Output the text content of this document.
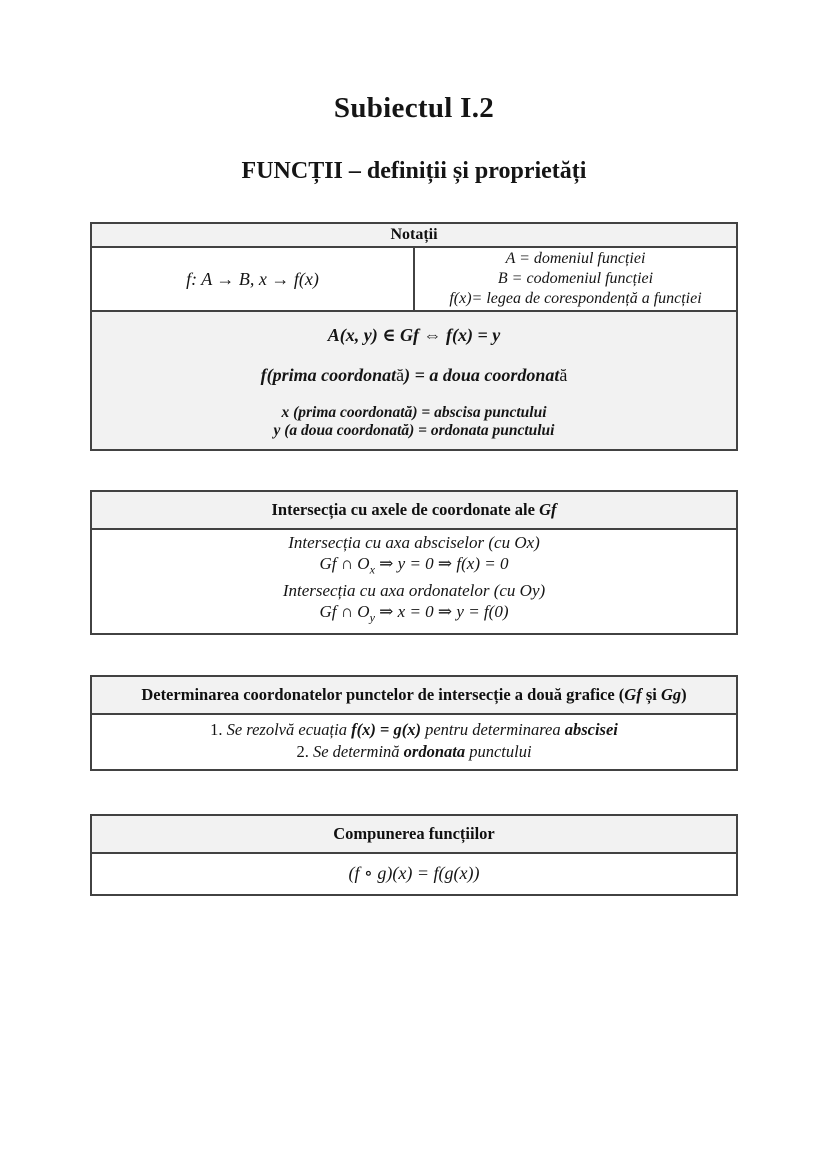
Subiectul I.2
FUNCȚII – definiții și proprietăți
Notații
f: A → B, x → f(x)	
A = domeniul funcției
B = codomeniul funcției
f(x)= legea de corespondență a funcției

A(x, y) ∈ Gf ⇔ f(x) = y
f(prima coordonată) = a doua coordonată
x (prima coordonată) = abscisa punctului
y (a doua coordonată) = ordonata punctului
Intersecția cu axele de coordonate ale Gf

Intersecția cu axa absciselor (cu Ox)
Gf ∩ $O_x$ ⇒ y = 0 ⇒ f(x) = 0
Intersecția cu axa ordonatelor (cu Oy)
Gf ∩ $O_y$ ⇒ x = 0 ⇒ y = f(0)
Determinarea coordonatelor punctelor de intersecție a două grafice (Gf și Gg)

1. Se rezolvă ecuația f(x) = g(x) pentru determinarea abscisei
2. Se determină ordonata punctului
Compunerea funcțiilor
(f ∘ g)(x) = f(g(x))
